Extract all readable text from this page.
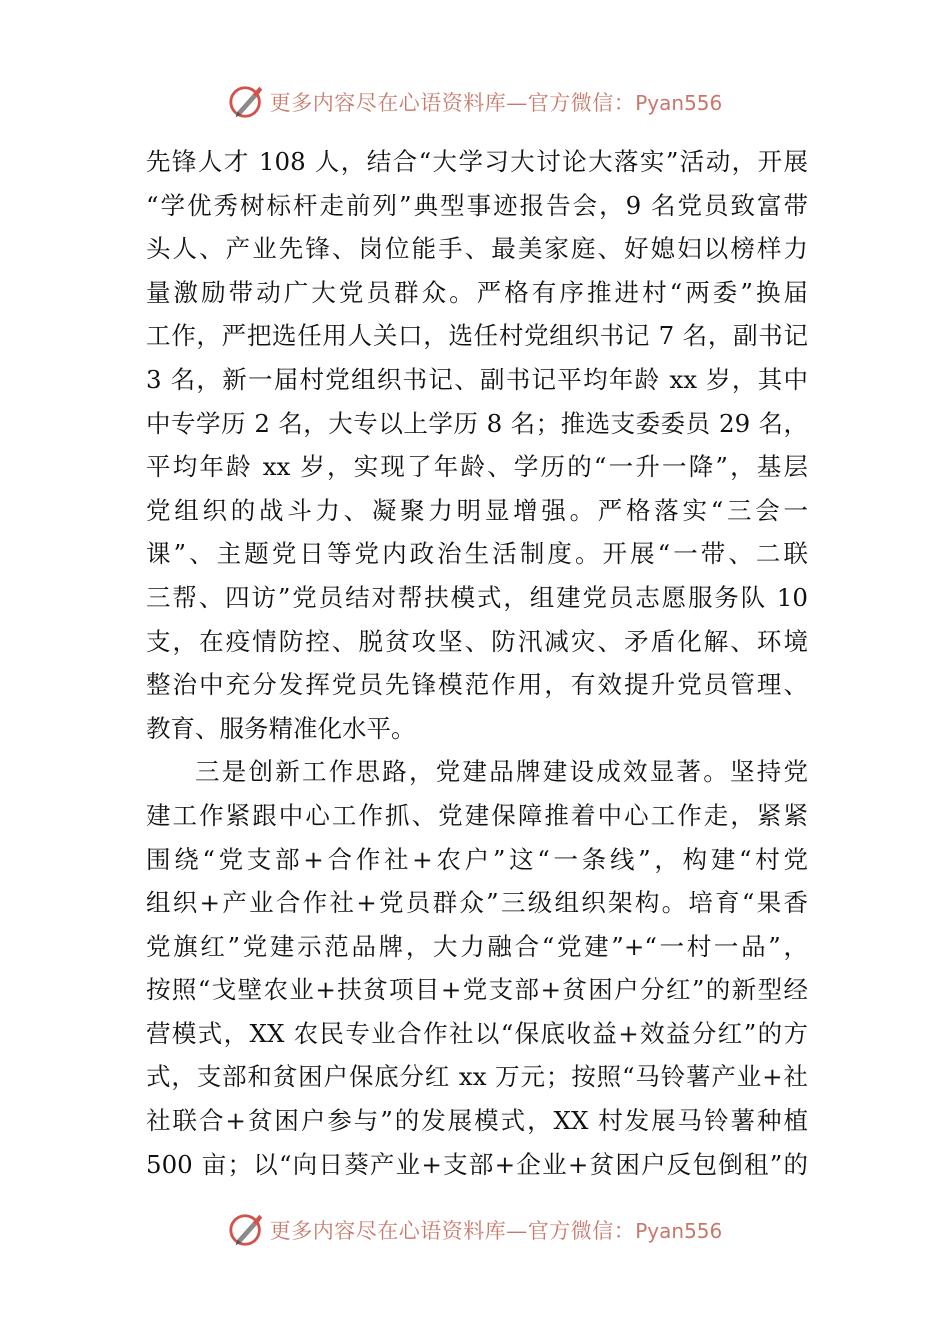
更多内容尽在心语资料库—官方微信：Pyan556
先锋人才 108 人，结合“大学习大讨论大落实”活动，开展
“学优秀树标杆走前列”典型事迹报告会，9 名党员致富带
头人、产业先锋、岗位能手、最美家庭、好媳妇以榜样力
量激励带动广大党员群众。严格有序推进村“两委”换届
工作，严把选任用人关口，选任村党组织书记 7 名，副书记
3 名，新一届村党组织书记、副书记平均年龄 xx 岁，其中
中专学历 2 名，大专以上学历 8 名；推选支委委员 29 名，
平均年龄 xx 岁，实现了年龄、学历的“一升一降”，基层
党组织的战斗力、凝聚力明显增强。严格落实“三会一
课”、主题党日等党内政治生活制度。开展“一带、二联
三帮、四访”党员结对帮扶模式，组建党员志愿服务队 10
支，在疫情防控、脱贫攻坚、防汛减灾、矛盾化解、环境
整治中充分发挥党员先锋模范作用，有效提升党员管理、
教育、服务精准化水平。
三是创新工作思路，党建品牌建设成效显著。坚持党
建工作紧跟中心工作抓、党建保障推着中心工作走，紧紧
围绕“党支部+合作社+农户”这“一条线”，构建“村党
组织+产业合作社+党员群众”三级组织架构。培育“果香
党旗红”党建示范品牌，大力融合“党建”+“一村一品”，
按照“戈壁农业+扶贫项目+党支部+贫困户分红”的新型经
营模式，XX 农民专业合作社以“保底收益+效益分红”的方
式，支部和贫困户保底分红 xx 万元；按照“马铃薯产业+社
社联合+贫困户参与”的发展模式，XX 村发展马铃薯种植
500 亩；以“向日葵产业+支部+企业+贫困户反包倒租”的
更多内容尽在心语资料库—官方微信：Pyan556
